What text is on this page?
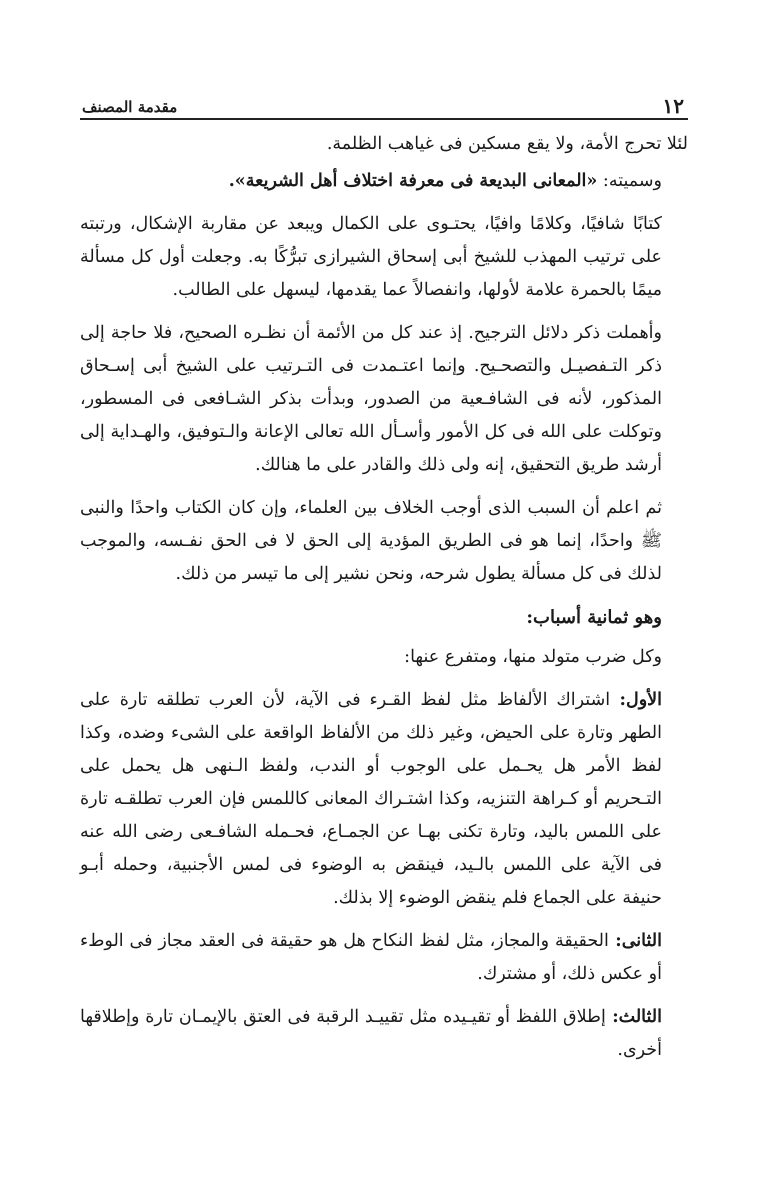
١٢
مقدمة المصنف

لئلا تحرج الأمة، ولا يقع مسكين فى غياهب الظلمة.

وسميته: «المعانى البديعة فى معرفة اختلاف أهل الشريعة».

كتابًا شافيًا، وكلامًا وافيًا، يحتـوى على الكمال ويبعد عن مقاربة الإشكال، ورتبته على ترتيب المهذب للشيخ أبى إسحاق الشيرازى تبرُّكًا به. وجعلت أول كل مسألة ميمًا بالحمرة علامة لأولها، وانفصالاً عما يقدمها، ليسهل على الطالب.

وأهملت ذكر دلائل الترجيح. إذ عند كل من الأئمة أن نظـره الصحيح، فلا حاجة إلى ذكر التـفصيـل والتصحـيح. وإنما اعتـمدت فى التـرتيب على الشيخ أبى إسـحاق المذكور، لأنه فى الشافـعية من الصدور، وبدأت بذكر الشـافعى فى المسطور، وتوكلت على الله فى كل الأمور وأسـأل الله تعالى الإعانة والـتوفيق، والهـداية إلى أرشد طريق التحقيق، إنه ولى ذلك والقادر على ما هنالك.

ثم اعلم أن السبب الذى أوجب الخلاف بين العلماء، وإن كان الكتاب واحدًا والنبى ﷺ واحدًا، إنما هو فى الطريق المؤدية إلى الحق لا فى الحق نفـسه، والموجب لذلك فى كل مسألة يطول شرحه، ونحن نشير إلى ما تيسر من ذلك.

وهو ثمانية أسباب:

وكل ضرب متولد منها، ومتفرع عنها:

الأول: اشتراك الألفاظ مثل لفظ القـرء فى الآية، لأن العرب تطلقه تارة على الطهر وتارة على الحيض، وغير ذلك من الألفاظ الواقعة على الشىء وضده، وكذا لفظ الأمر هل يحـمل على الوجوب أو الندب، ولفظ الـنهى هل يحمل على التـحريم أو كـراهة التنزيه، وكذا اشتـراك المعانى كاللمس فإن العرب تطلقـه تارة على اللمس باليد، وتارة تكنى بهـا عن الجمـاع، فحـمله الشافـعى رضى الله عنه فى الآية على اللمس بالـيد، فينقض به الوضوء فى لمس الأجنبية، وحمله أبـو حنيفة على الجماع فلم ينقض الوضوء إلا بذلك.

الثانى: الحقيقة والمجاز، مثل لفظ النكاح هل هو حقيقة فى العقد مجاز فى الوطء أو عكس ذلك، أو مشترك.

الثالث: إطلاق اللفظ أو تقيـيده مثل تقييـد الرقبة فى العتق بالإيمـان تارة وإطلاقها أخرى.
